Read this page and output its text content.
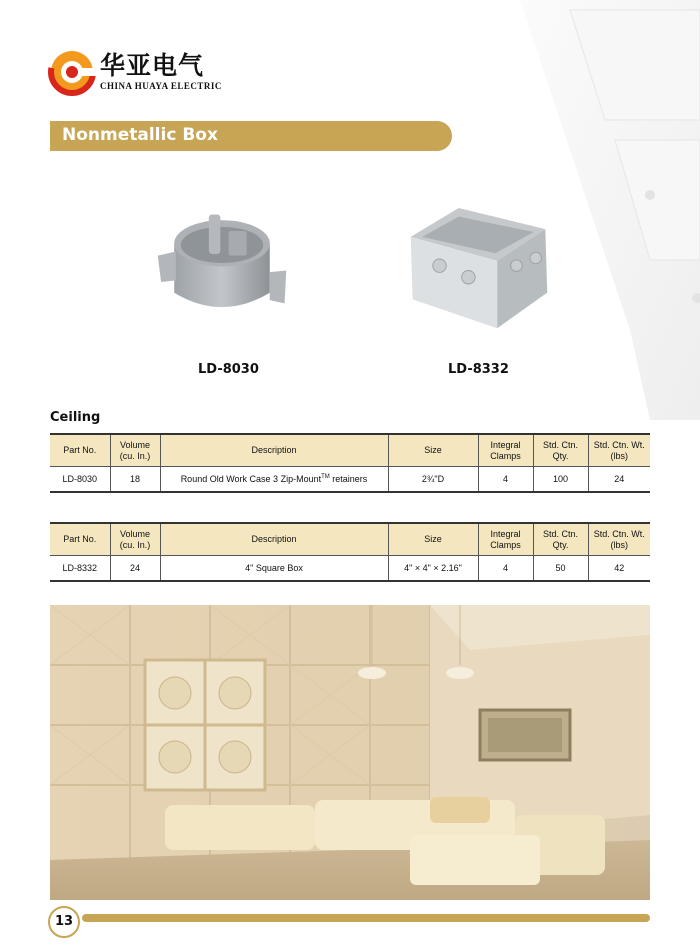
华亚电气
CHINA HUAYA ELECTRIC
Nonmetallic Box
LD-8030	LD-8332
Ceiling
Part No.	Volume (cu. In.)	Description	Size	Integral Clamps	Std. Ctn. Qty.	Std. Ctn. Wt. (lbs)
LD-8030	18	Round Old Work Case 3 Zip-Mount™ retainers	2¾"D	4	100	24
Part No.	Volume (cu. In.)	Description	Size	Integral Clamps	Std. Ctn. Qty.	Std. Ctn. Wt. (lbs)
LD-8332	24	4" Square Box	4" × 4" × 2.16"	4	50	42
13
